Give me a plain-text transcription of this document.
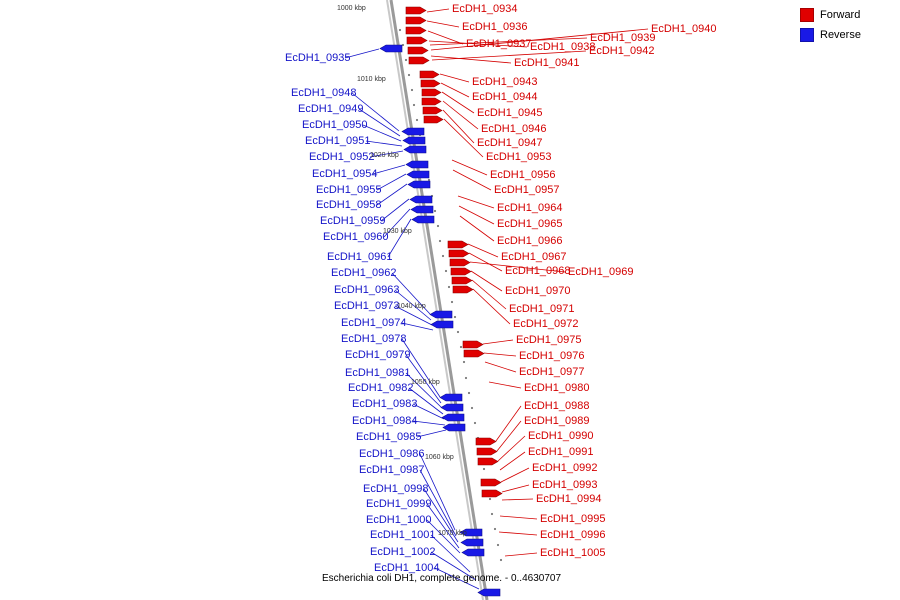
Forward
Reverse
EcDH1_0934
EcDH1_0936
EcDH1_0937
EcDH1_0938
EcDH1_0939
EcDH1_0940
EcDH1_0941
EcDH1_0942
EcDH1_0935
EcDH1_0943
EcDH1_0944
EcDH1_0945
EcDH1_0946
EcDH1_0947
EcDH1_0953
EcDH1_0956
EcDH1_0957
EcDH1_0964
EcDH1_0965
EcDH1_0966
EcDH1_0967
EcDH1_0968
EcDH1_0969
EcDH1_0970
EcDH1_0971
EcDH1_0972
EcDH1_0975
EcDH1_0976
EcDH1_0977
EcDH1_0980
EcDH1_0988
EcDH1_0989
EcDH1_0990
EcDH1_0991
EcDH1_0992
EcDH1_0993
EcDH1_0994
EcDH1_0995
EcDH1_0996
EcDH1_1005
EcDH1_0948
EcDH1_0949
EcDH1_0950
EcDH1_0951
EcDH1_0952
EcDH1_0954
EcDH1_0955
EcDH1_0958
EcDH1_0959
EcDH1_0960
EcDH1_0961
EcDH1_0962
EcDH1_0963
EcDH1_0973
EcDH1_0974
EcDH1_0978
EcDH1_0979
EcDH1_0981
EcDH1_0982
EcDH1_0983
EcDH1_0984
EcDH1_0985
EcDH1_0986
EcDH1_0987
EcDH1_0998
EcDH1_0999
EcDH1_1000
EcDH1_1001
EcDH1_1002
EcDH1_1004
1000 kbp
1010 kbp
1020 kbp
1030 kbp
1040 kbp
1050 kbp
1060 kbp
1070 kbp
Escherichia coli DH1, complete genome. - 0..4630707
